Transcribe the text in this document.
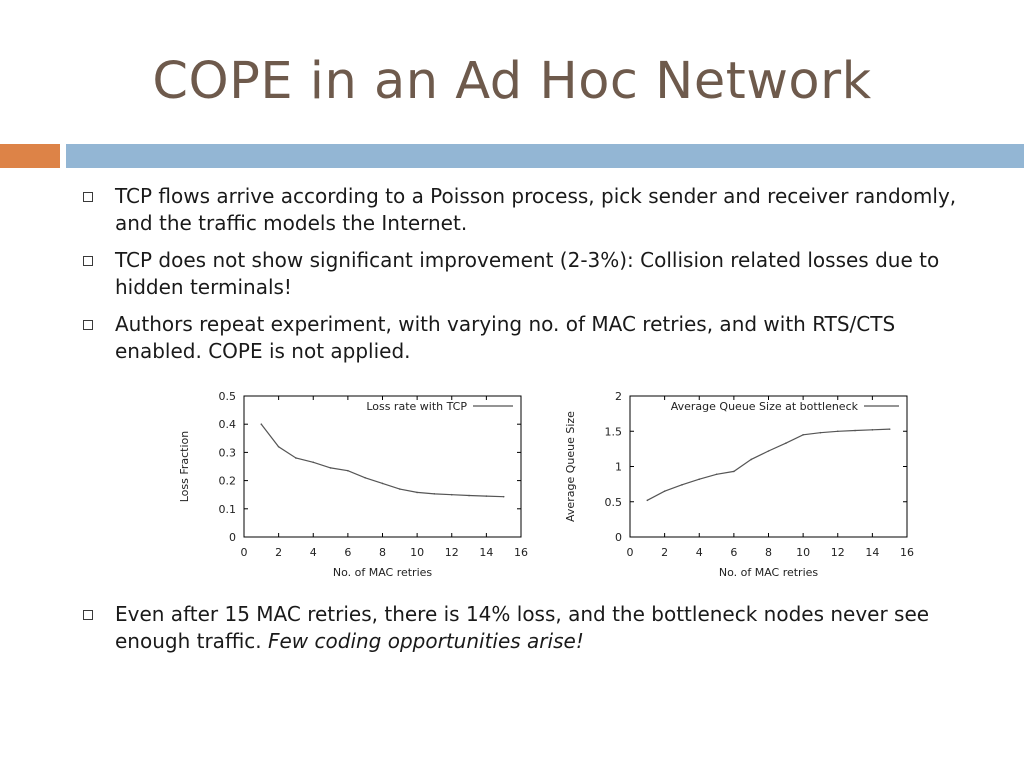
COPE in an Ad Hoc Network
TCP flows arrive according to a Poisson process, pick sender and receiver randomly, and the traffic models the Internet.
TCP does not show significant improvement (2-3%): Collision related losses due to hidden terminals!
Authors repeat experiment, with varying no. of MAC retries, and with RTS/CTS enabled. COPE is not applied.
0	2	4	6	8 10 12 14 16
0
0.1
0.2
0.3
0.4
0.5
No. of MAC retries
Loss Fraction
Loss rate with TCP
0	2	4	6	8 10 12 14 16
0
0.5
1
1.5
2
No. of MAC retries
Average Queue Size
Average Queue Size at bottleneck
Even after 15 MAC retries, there is 14% loss, and the bottleneck nodes never see enough traffic. Few coding opportunities arise!
